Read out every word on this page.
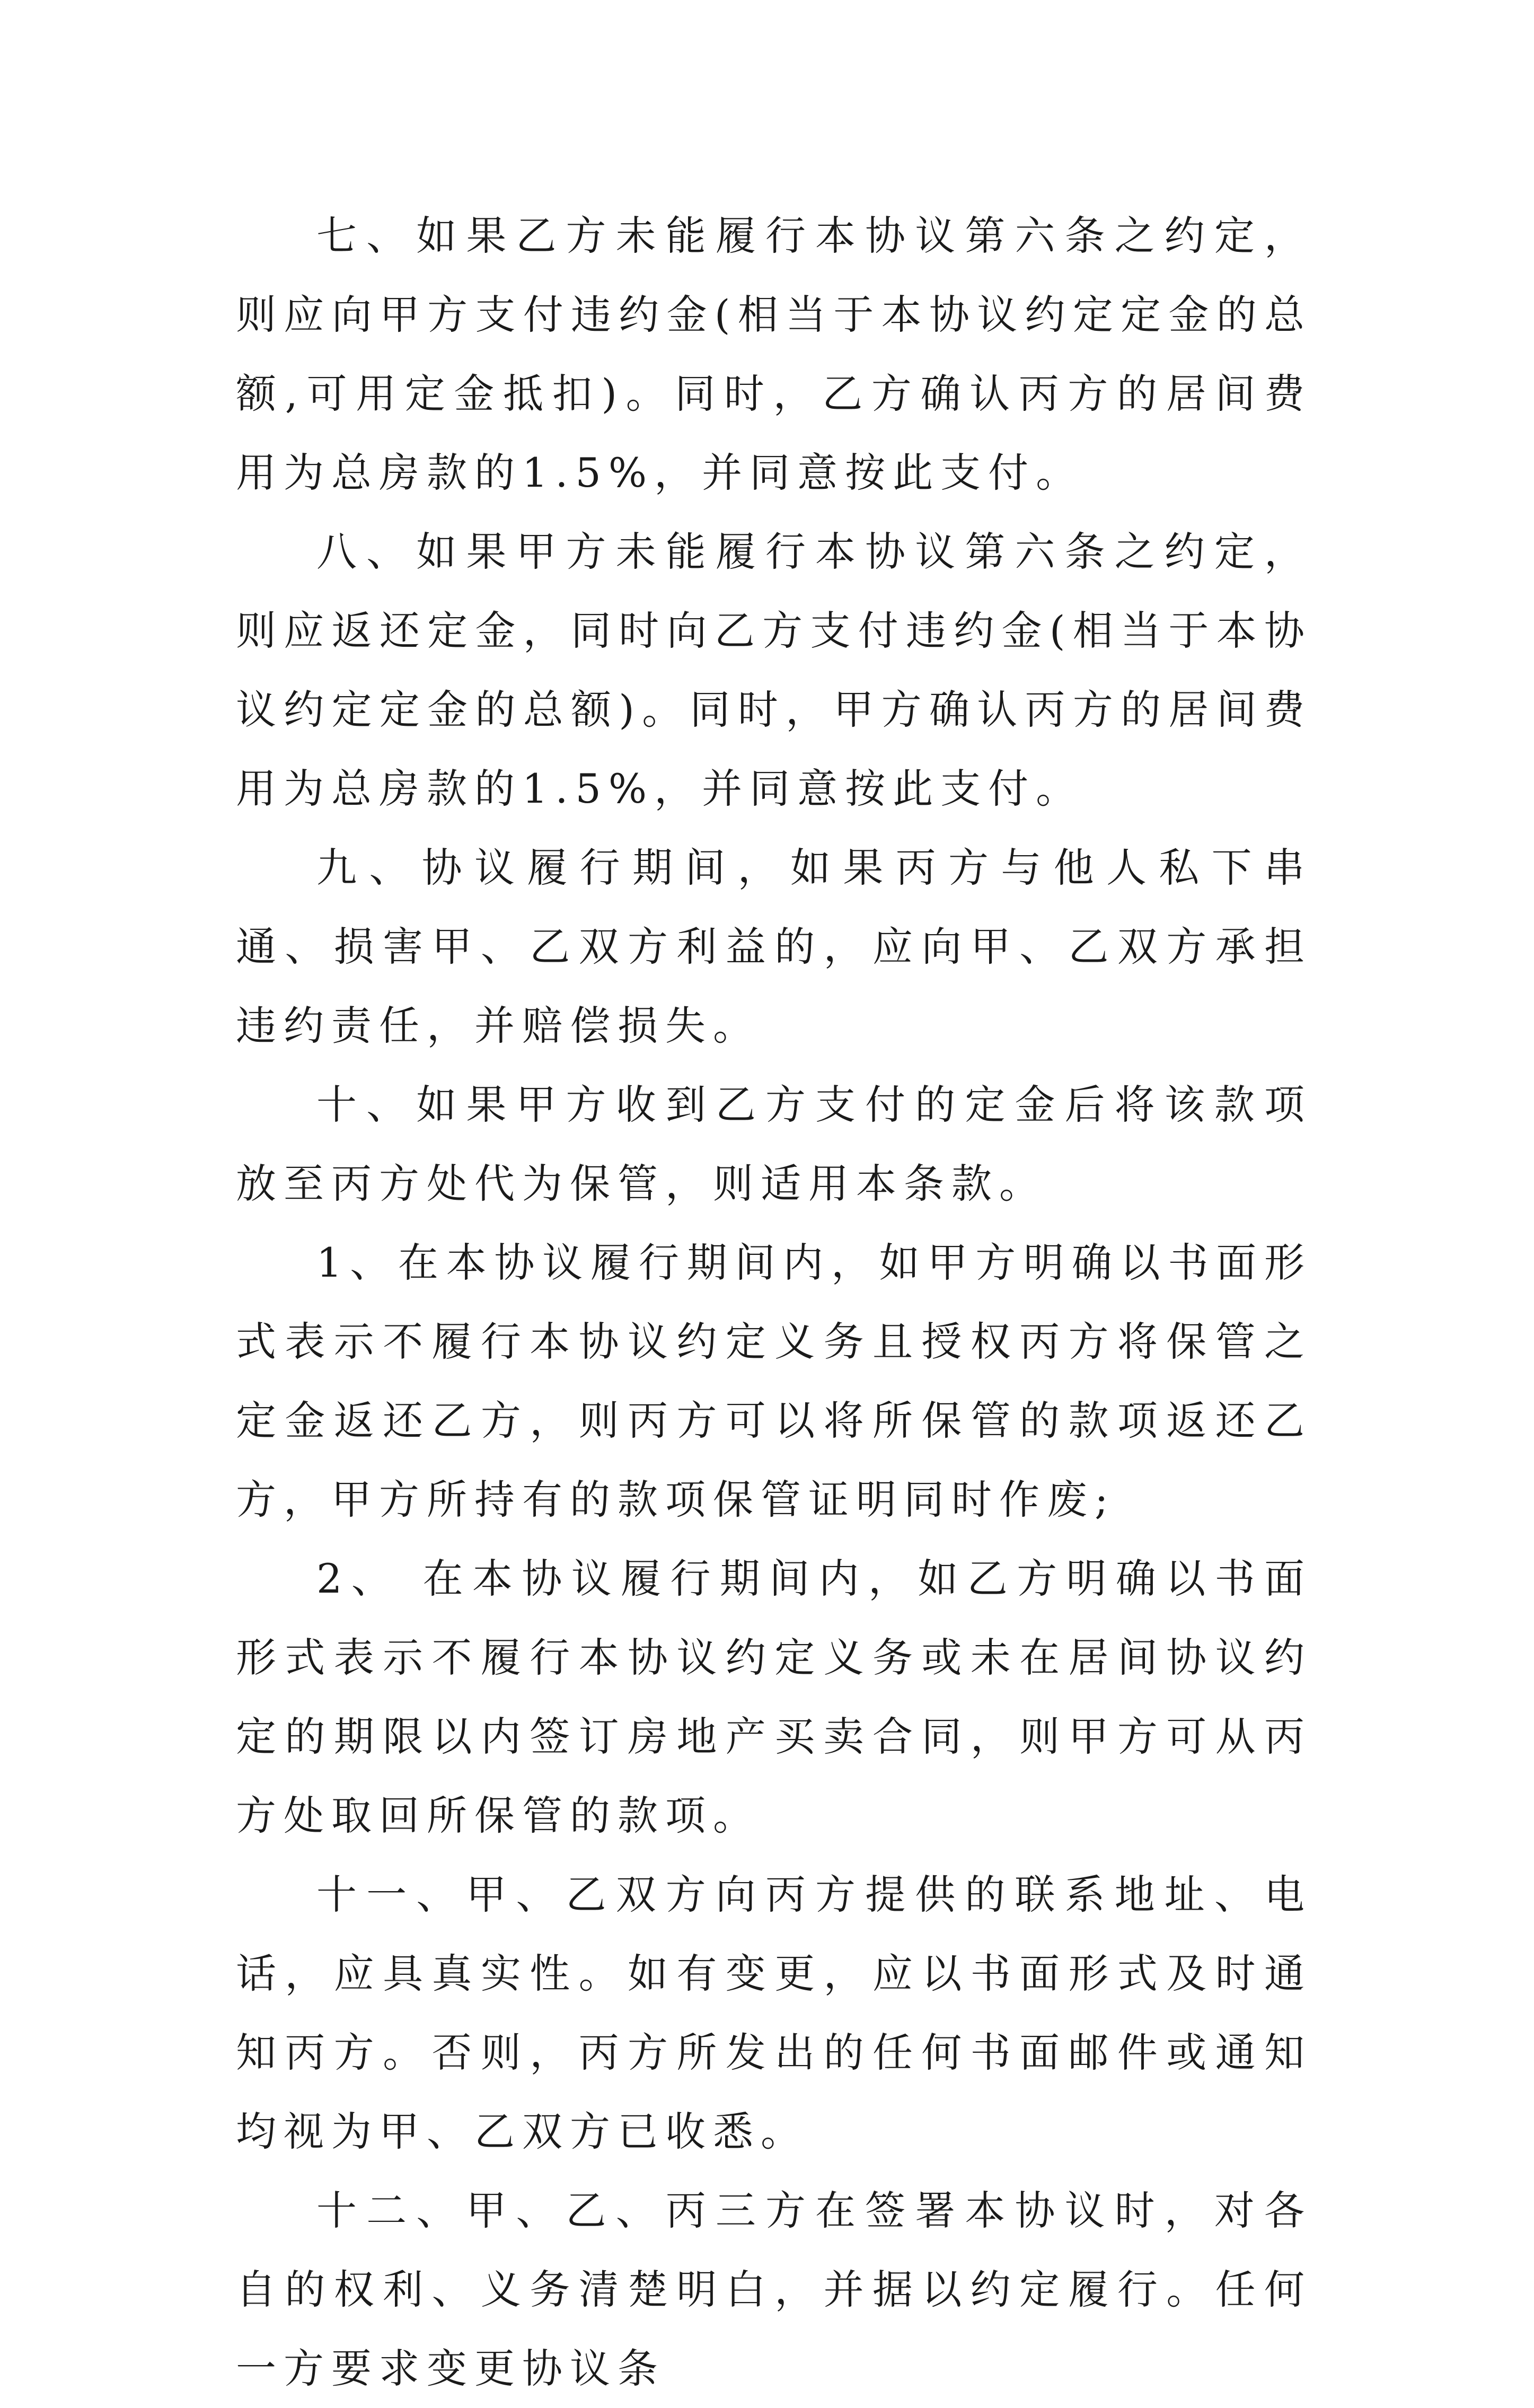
七、如果乙方未能履行本协议第六条之约定，则应向甲方支付违约金(相当于本协议约定定金的总额,可用定金抵扣)。同时，乙方确认丙方的居间费用为总房款的1.5%，并同意按此支付。

八、如果甲方未能履行本协议第六条之约定，则应返还定金，同时向乙方支付违约金(相当于本协议约定定金的总额)。同时，甲方确认丙方的居间费用为总房款的1.5%，并同意按此支付。

九、协议履行期间，如果丙方与他人私下串通、损害甲、乙双方利益的，应向甲、乙双方承担违约责任，并赔偿损失。

十、如果甲方收到乙方支付的定金后将该款项放至丙方处代为保管，则适用本条款。

1、在本协议履行期间内，如甲方明确以书面形式表示不履行本协议约定义务且授权丙方将保管之定金返还乙方，则丙方可以将所保管的款项返还乙方，甲方所持有的款项保管证明同时作废;

2、 在本协议履行期间内，如乙方明确以书面形式表示不履行本协议约定义务或未在居间协议约定的期限以内签订房地产买卖合同，则甲方可从丙方处取回所保管的款项。

十一、甲、乙双方向丙方提供的联系地址、电话，应具真实性。如有变更，应以书面形式及时通知丙方。否则，丙方所发出的任何书面邮件或通知均视为甲、乙双方已收悉。

十二、甲、乙、丙三方在签署本协议时，对各自的权利、义务清楚明白，并据以约定履行。任何一方要求变更协议条
